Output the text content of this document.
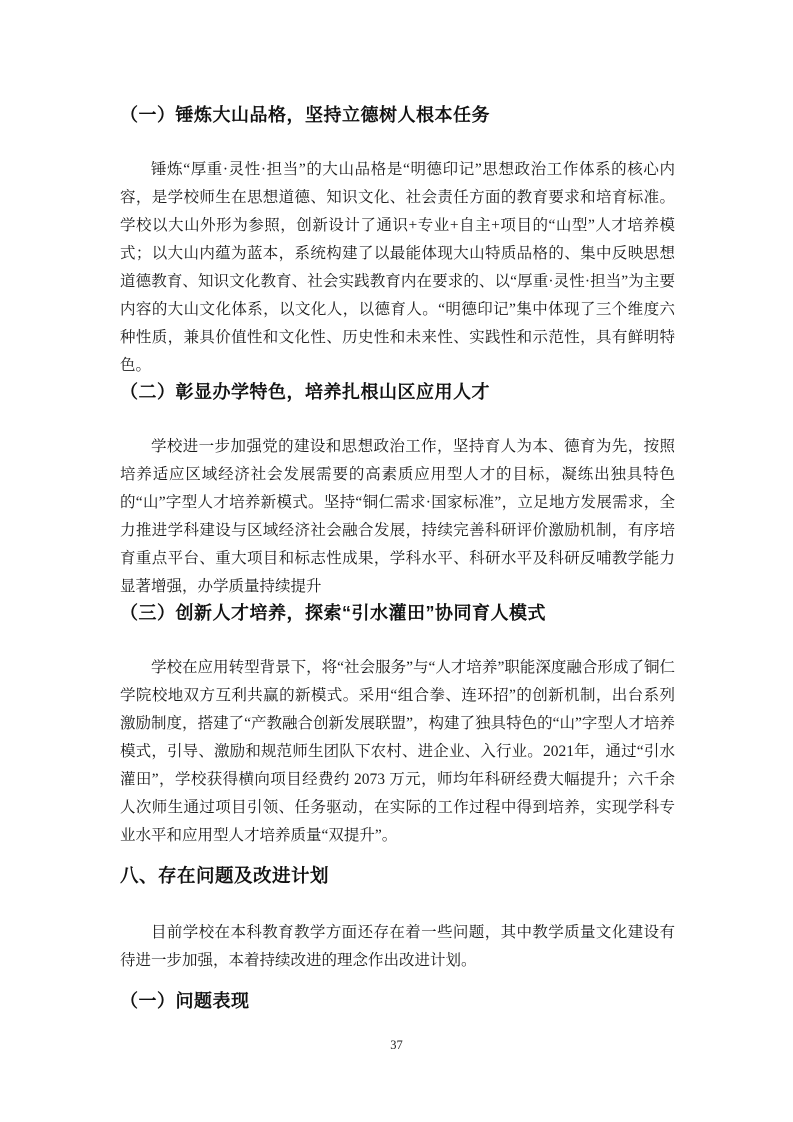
（一）锤炼大山品格，坚持立德树人根本任务

锤炼“厚重·灵性·担当”的大山品格是“明德印记”思想政治工作体系的核心内容，是学校师生在思想道德、知识文化、社会责任方面的教育要求和培育标准。学校以大山外形为参照，创新设计了通识+专业+自主+项目的“山型”人才培养模式；以大山内蕴为蓝本，系统构建了以最能体现大山特质品格的、集中反映思想道德教育、知识文化教育、社会实践教育内在要求的、以“厚重·灵性·担当”为主要内容的大山文化体系，以文化人，以德育人。“明德印记”集中体现了三个维度六种性质，兼具价值性和文化性、历史性和未来性、实践性和示范性，具有鲜明特色。

（二）彰显办学特色，培养扎根山区应用人才

学校进一步加强党的建设和思想政治工作，坚持育人为本、德育为先，按照培养适应区域经济社会发展需要的高素质应用型人才的目标，凝练出独具特色的“山”字型人才培养新模式。坚持“铜仁需求·国家标准”，立足地方发展需求，全力推进学科建设与区域经济社会融合发展，持续完善科研评价激励机制，有序培育重点平台、重大项目和标志性成果，学科水平、科研水平及科研反哺教学能力显著增强，办学质量持续提升

（三）创新人才培养，探索“引水灌田”协同育人模式

学校在应用转型背景下，将“社会服务”与“人才培养”职能深度融合形成了铜仁学院校地双方互利共赢的新模式。采用“组合拳、连环招”的创新机制，出台系列激励制度，搭建了“产教融合创新发展联盟”，构建了独具特色的“山”字型人才培养模式，引导、激励和规范师生团队下农村、进企业、入行业。2021年，通过“引水灌田”，学校获得横向项目经费约 2073 万元，师均年科研经费大幅提升；六千余人次师生通过项目引领、任务驱动，在实际的工作过程中得到培养，实现学科专业水平和应用型人才培养质量“双提升”。

八、存在问题及改进计划

目前学校在本科教育教学方面还存在着一些问题，其中教学质量文化建设有待进一步加强，本着持续改进的理念作出改进计划。

（一）问题表现
37
